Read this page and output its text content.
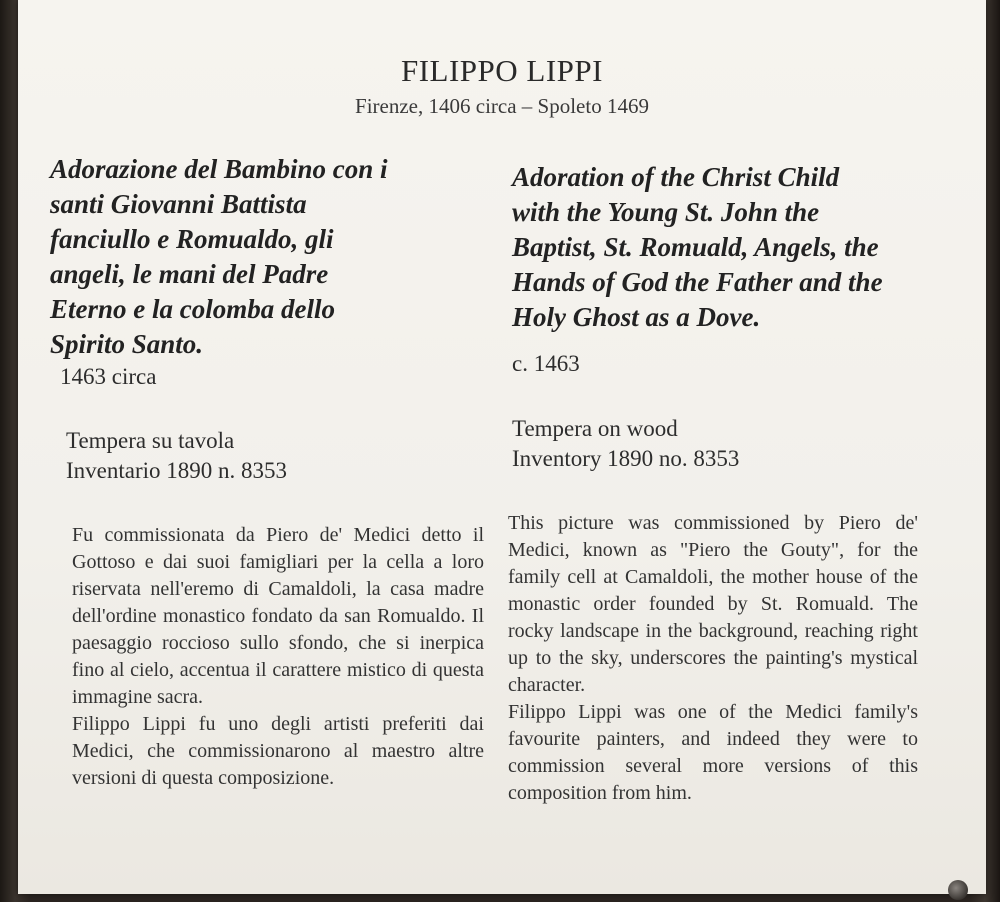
FILIPPO LIPPI
Firenze, 1406 circa – Spoleto 1469
Adorazione del Bambino con i
santi Giovanni Battista
fanciullo e Romualdo, gli
angeli, le mani del Padre
Eterno e la colomba dello
Spirito Santo.
1463 circa
Tempera su tavola
Inventario 1890 n. 8353

Fu commissionata da Piero de' Medici detto il Gottoso e dai suoi famigliari per la cella a loro riservata nell'eremo di Camaldoli, la casa madre dell'ordine monastico fondato da san Romualdo. Il paesaggio roccioso sullo sfondo, che si inerpica fino al cielo, accentua il carattere mistico di questa immagine sacra.

Filippo Lippi fu uno degli artisti preferiti dai Medici, che commissionarono al maestro altre versioni di questa composizione.

Adoration of the Christ Child
with the Young St. John the
Baptist, St. Romuald, Angels, the
Hands of God the Father and the
Holy Ghost as a Dove.
c. 1463
Tempera on wood
Inventory 1890 no. 8353

This picture was commissioned by Piero de' Medici, known as "Piero the Gouty", for the family cell at Camaldoli, the mother house of the monastic order founded by St. Romuald. The rocky landscape in the background, reaching right up to the sky, underscores the painting's mystical character.

Filippo Lippi was one of the Medici family's favourite painters, and indeed they were to commission several more versions of this composition from him.
